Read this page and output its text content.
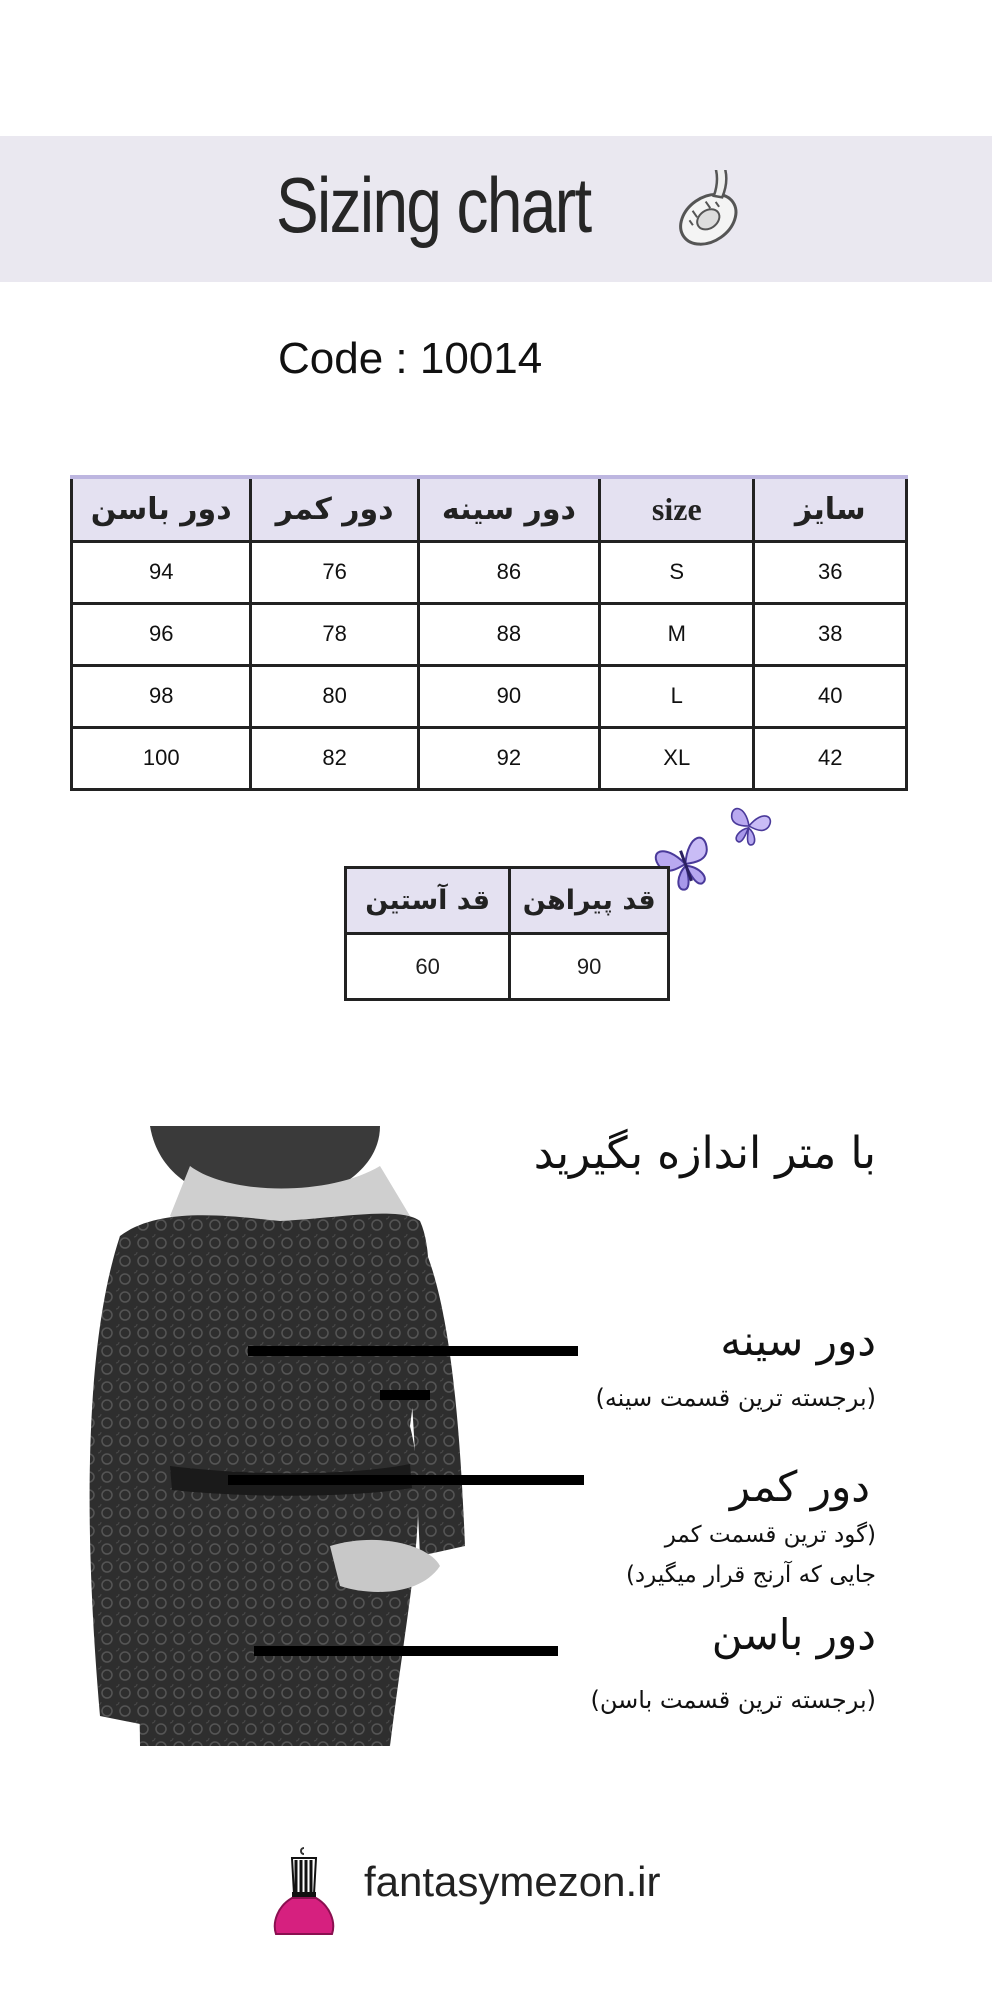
Sizing chart
Code : 10014
دور باسن	دور کمر	دور سینه	size	سایز
94	76	86	S	36
96	78	88	M	38
98	80	90	L	40
100	82	92	XL	42
قد آستین	قد پیراهن
60	90
با متر اندازه بگیرید
دور سینه
(برجسته ترین قسمت سینه)
دور کمر
(گود ترین قسمت کمر
جایی که آرنج قرار میگیرد)
دور باسن
(برجسته ترین قسمت باسن)
fantasymezon.ir
